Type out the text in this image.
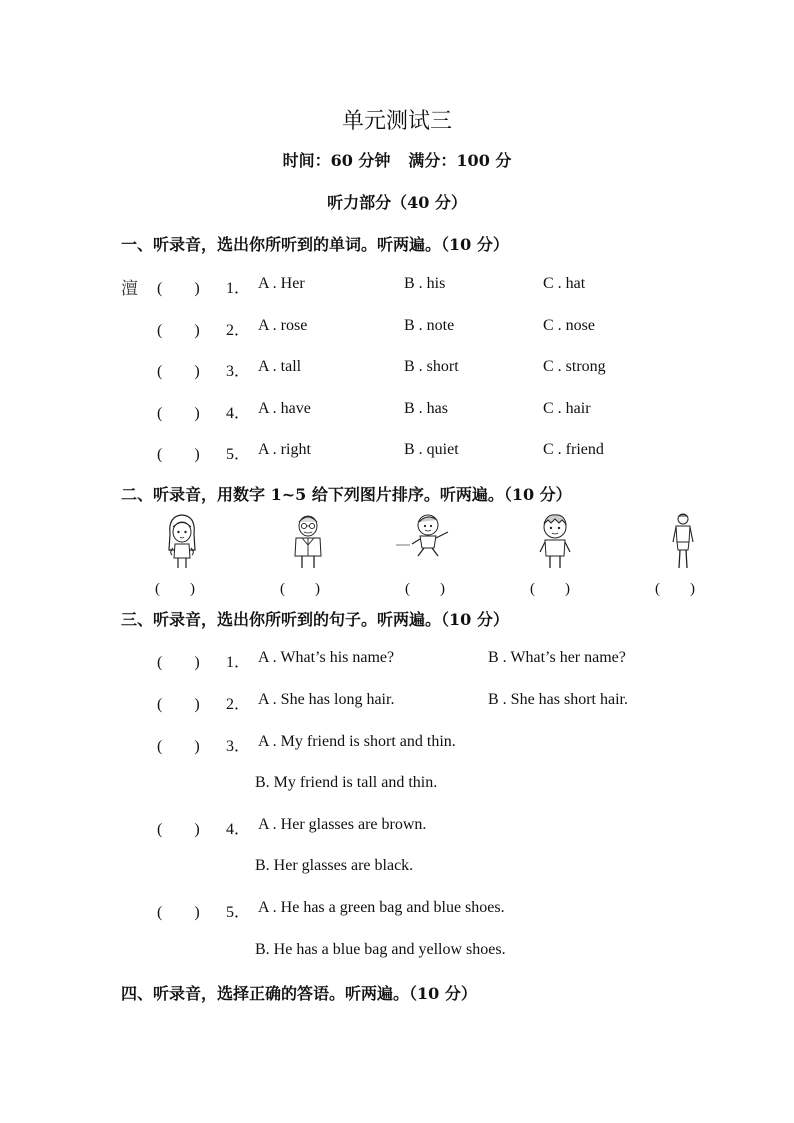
单元测试三
时间：60 分钟 满分：100 分
听力部分（40 分）
一、听录音，选出你所听到的单词。听两遍。（10 分）
澶 (　　) 1． A . Her	B . his	C . hat
(　　) 2． A . rose	B . note	C . nose
(　　) 3． A . tall	B . short	C . strong
(　　) 4． A . have	B . has	C . hair
(　　) 5． A . right	B . quiet	C . friend
二、听录音，用数字 1~5 给下列图片排序。听两遍。（10 分）
(　　)	(　　)	(　　)	(　　)	(　　)
三、听录音，选出你所听到的句子。听两遍。（10 分）
(　　) 1． A . What’s his name?	B . What’s her name?
(　　) 2． A . She has long hair.	B . She has short hair.
(　　) 3． A . My friend is short and thin.
B. My friend is tall and thin.
(　　) 4． A . Her glasses are brown.
B. Her glasses are black.
(　　) 5． A . He has a green bag and blue shoes.
B. He has a blue bag and yellow shoes.
四、听录音，选择正确的答语。听两遍。（10 分）
